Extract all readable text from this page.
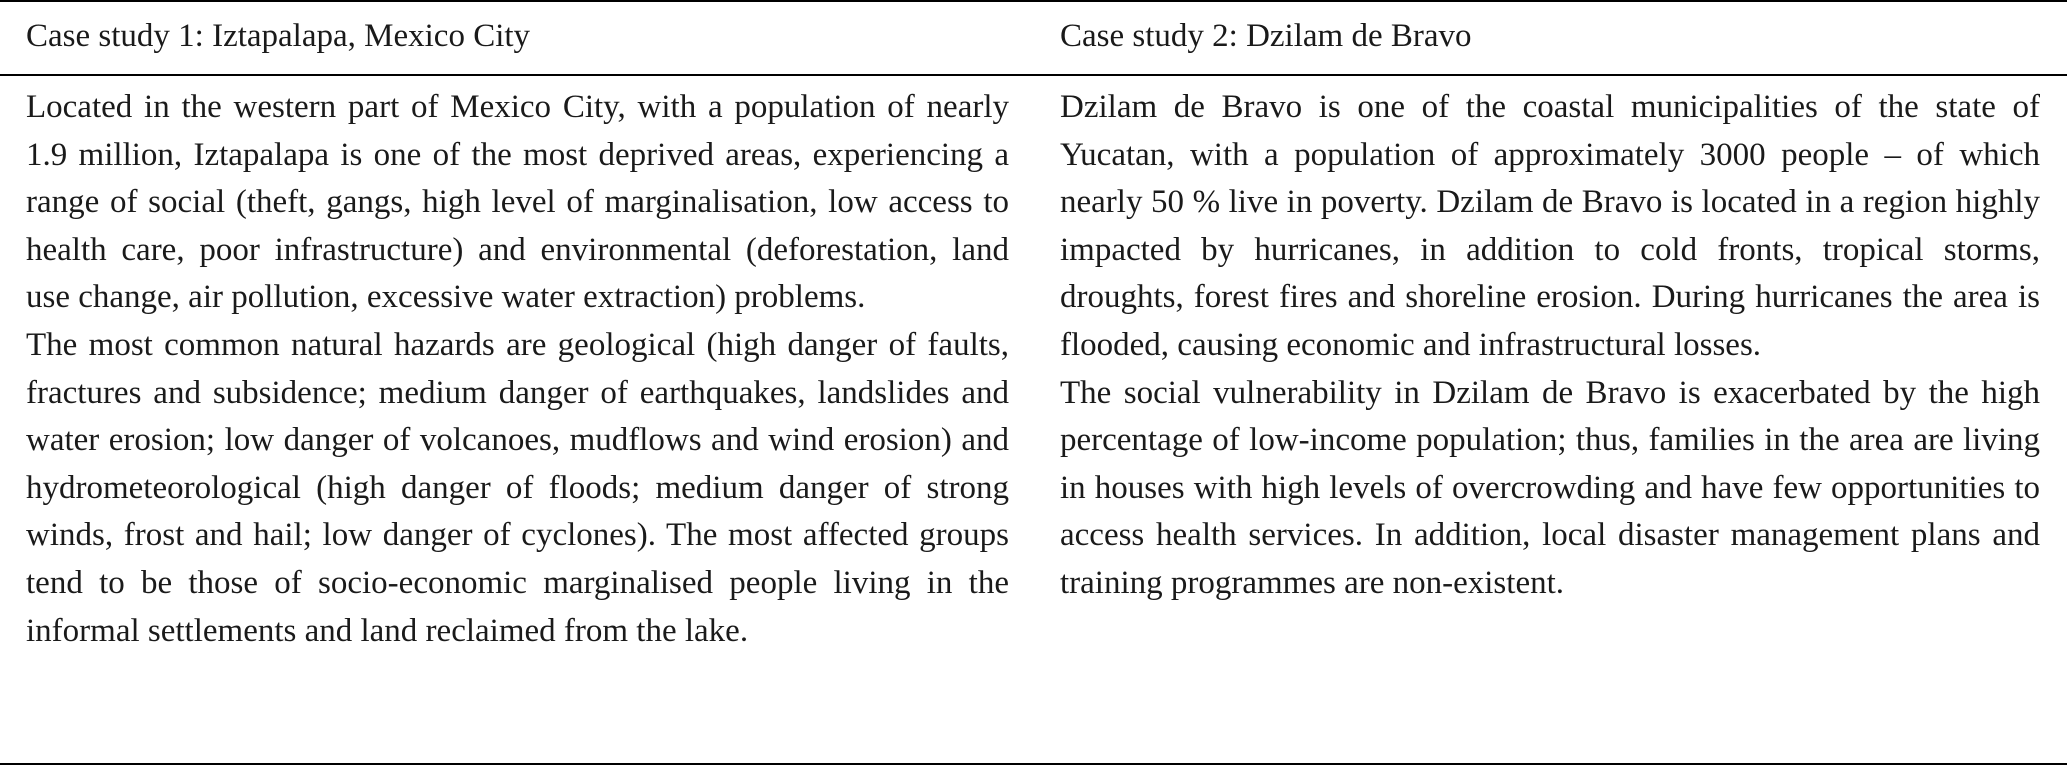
Case study 1: Iztapalapa, Mexico City	Case study 2: Dzilam de Bravo

Located in the western part of Mexico City, with a population of nearly 1.9 million, Iztapalapa is one of the most deprived areas, experiencing a range of social (theft, gangs, high level of marginalisation, low access to health care, poor infrastructure) and environmental (deforestation, land use change, air pollution, excessive water extraction) problems.

The most common natural hazards are geological (high danger of faults, fractures and subsidence; medium danger of earthquakes, landslides and water erosion; low danger of volcanoes, mudflows and wind erosion) and hydrometeorological (high danger of floods; medium danger of strong winds, frost and hail; low danger of cyclones). The most affected groups tend to be those of socio-economic marginalised people living in the informal settlements and land reclaimed from the lake.

Dzilam de Bravo is one of the coastal municipalities of the state of Yucatan, with a population of approximately 3000 people – of which nearly 50 % live in poverty. Dzilam de Bravo is located in a region highly impacted by hurricanes, in addition to cold fronts, tropical storms, droughts, forest fires and shoreline erosion. During hurricanes the area is flooded, causing economic and infrastructural losses.

The social vulnerability in Dzilam de Bravo is exacerbated by the high percentage of low-income population; thus, families in the area are living in houses with high levels of overcrowding and have few opportunities to access health services. In addition, local disaster management plans and training programmes are non-existent.
